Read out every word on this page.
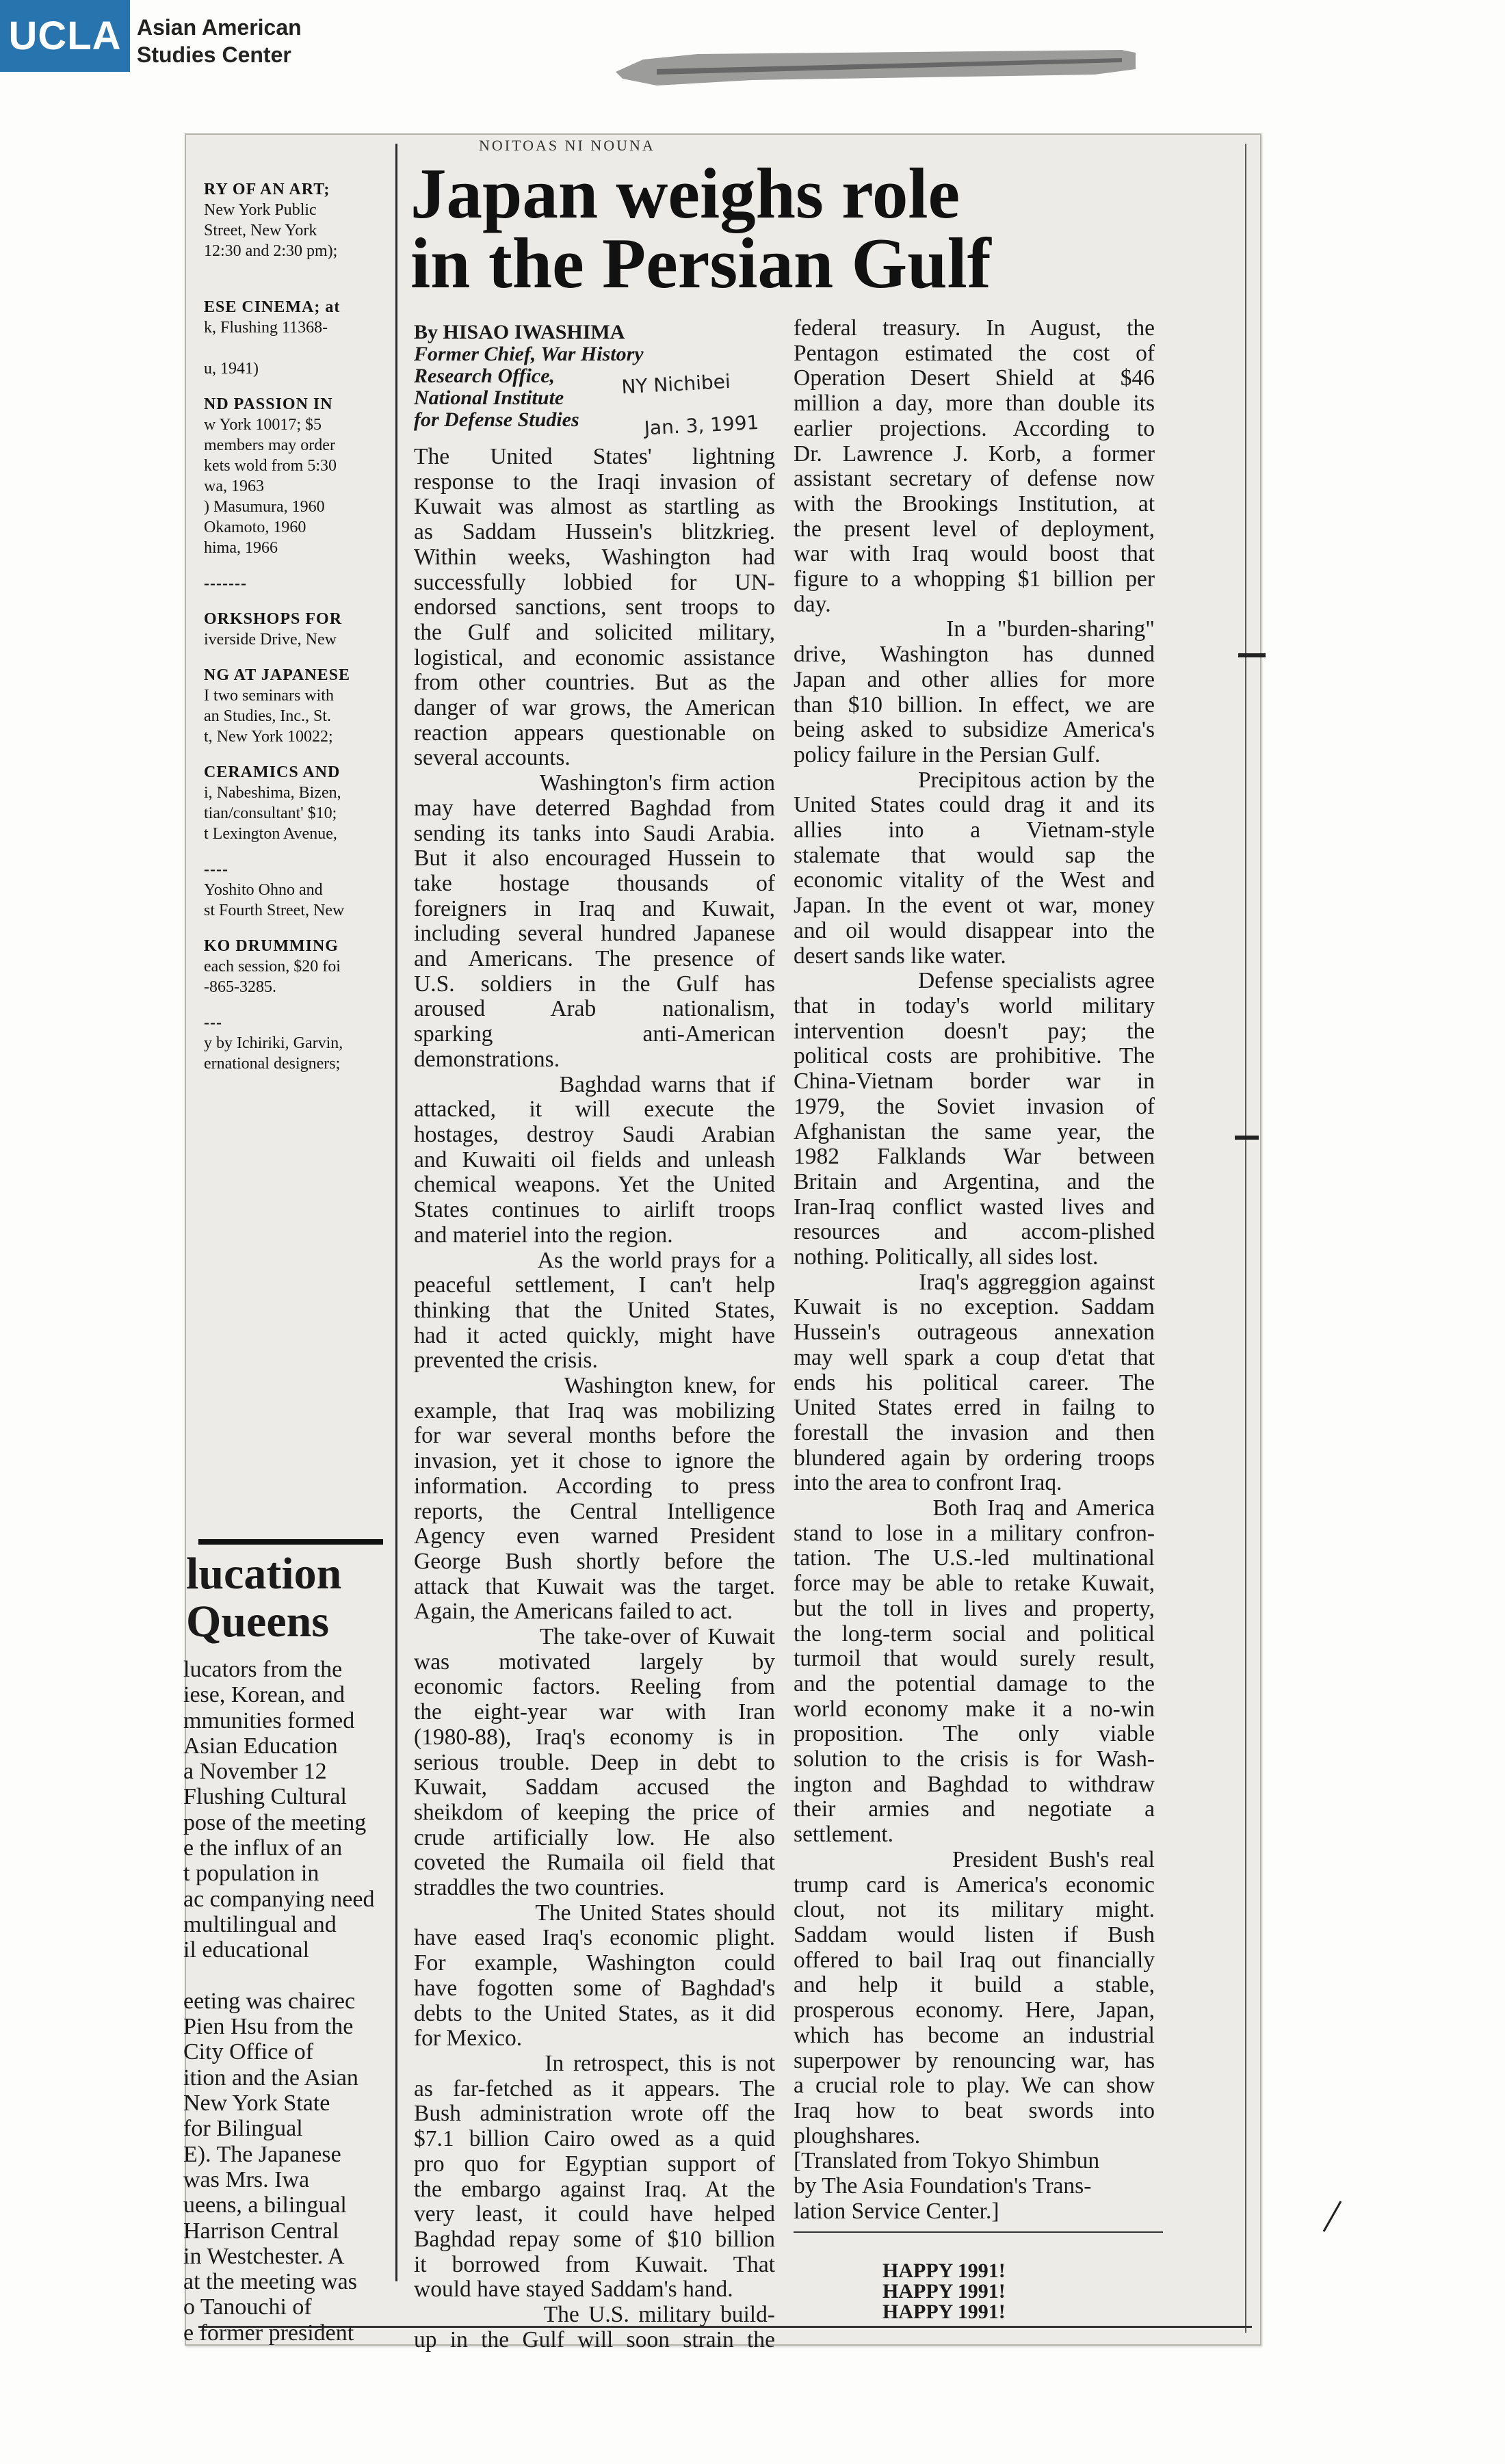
UCLA Asian American
Studies Center
NOITOAS NI NOUNA
RY OF AN ART;
New York Public
Street, New York
12:30 and 2:30 pm);

ESE CINEMA; at
k, Flushing 11368-

u, 1941)
ND PASSION IN
w York 10017; $5
members may order
kets wold from 5:30
wa, 1963
) Masumura, 1960
Okamoto, 1960
hima, 1966
-------
ORKSHOPS FOR
iverside Drive, New
NG AT JAPANESE
I two seminars with
an Studies, Inc., St.
t, New York 10022;
CERAMICS AND
i, Nabeshima, Bizen,
tian/consultant' $10;
t Lexington Avenue,
----
Yoshito Ohno and
st Fourth Street, New
KO DRUMMING
each session, $20 foi
-865-3285.
---
y by Ichiriki, Garvin,
ernational designers;
lucation
Queens
lucators from the
iese, Korean, and
mmunities formed
Asian Education
a November 12
Flushing Cultural
pose of the meeting
e the influx of an
t population in
ac companying need
multilingual and
il educational

eeting was chairec
Pien Hsu from the
City Office of
ition and the Asian
New York State
for Bilingual
E). The Japanese
was Mrs. Iwa
ueens, a bilingual
Harrison Central
in Westchester. A
at the meeting was
o Tanouchi of
e former president
Japan weighs role
in the Persian Gulf
By HISAO IWASHIMA
Former Chief, War History
Research Office,
National Institute
for Defense Studies
NY Nichibei
Jan. 3, 1991
The United States' lightning
response to the Iraqi invasion of
Kuwait was almost as startling as
as Saddam Hussein's blitzkrieg.
Within weeks, Washington had
successfully lobbied for UN-
endorsed sanctions, sent troops to
the Gulf and solicited military,
logistical, and economic assistance
from other countries. But as the
danger of war grows, the American
reaction appears questionable on
several accounts.
Washington's firm action
may have deterred Baghdad from
sending its tanks into Saudi Arabia.
But it also encouraged Hussein to
take hostage thousands of
foreigners in Iraq and Kuwait,
including several hundred Japanese
and Americans. The presence of
U.S. soldiers in the Gulf has
aroused Arab nationalism,
sparking anti-American
demonstrations.
Baghdad warns that if
attacked, it will execute the
hostages, destroy Saudi Arabian
and Kuwaiti oil fields and unleash
chemical weapons. Yet the United
States continues to airlift troops
and materiel into the region.
As the world prays for a
peaceful settlement, I can't help
thinking that the United States,
had it acted quickly, might have
prevented the crisis.
Washington knew, for
example, that Iraq was mobilizing
for war several months before the
invasion, yet it chose to ignore the
information. According to press
reports, the Central Intelligence
Agency even warned President
George Bush shortly before the
attack that Kuwait was the target.
Again, the Americans failed to act.
The take-over of Kuwait
was motivated largely by
economic factors. Reeling from
the eight-year war with Iran
(1980-88), Iraq's economy is in
serious trouble. Deep in debt to
Kuwait, Saddam accused the
sheikdom of keeping the price of
crude artificially low. He also
coveted the Rumaila oil field that
straddles the two countries.
The United States should
have eased Iraq's economic plight.
For example, Washington could
have fogotten some of Baghdad's
debts to the United States, as it did
for Mexico.
In retrospect, this is not
as far-fetched as it appears. The
Bush administration wrote off the
$7.1 billion Cairo owed as a quid
pro quo for Egyptian support of
the embargo against Iraq. At the
very least, it could have helped
Baghdad repay some of $10 billion
it borrowed from Kuwait. That
would have stayed Saddam's hand.
The U.S. military build-
up in the Gulf will soon strain the
federal treasury. In August, the
Pentagon estimated the cost of
Operation Desert Shield at $46
million a day, more than double its
earlier projections. According to
Dr. Lawrence J. Korb, a former
assistant secretary of defense now
with the Brookings Institution, at
the present level of deployment,
war with Iraq would boost that
figure to a whopping $1 billion per
day.
In a "burden-sharing"
drive, Washington has dunned
Japan and other allies for more
than $10 billion. In effect, we are
being asked to subsidize America's
policy failure in the Persian Gulf.
Precipitous action by the
United States could drag it and its
allies into a Vietnam-style
stalemate that would sap the
economic vitality of the West and
Japan. In the event ot war, money
and oil would disappear into the
desert sands like water.
Defense specialists agree
that in today's world military
intervention doesn't pay; the
political costs are prohibitive. The
China-Vietnam border war in
1979, the Soviet invasion of
Afghanistan the same year, the
1982 Falklands War between
Britain and Argentina, and the
Iran-Iraq conflict wasted lives and
resources and accom-plished
nothing. Politically, all sides lost.
Iraq's aggreggion against
Kuwait is no exception. Saddam
Hussein's outrageous annexation
may well spark a coup d'etat that
ends his political career. The
United States erred in failng to
forestall the invasion and then
blundered again by ordering troops
into the area to confront Iraq.
Both Iraq and America
stand to lose in a military confron-
tation. The U.S.-led multinational
force may be able to retake Kuwait,
but the toll in lives and property,
the long-term social and political
turmoil that would surely result,
and the potential damage to the
world economy make it a no-win
proposition. The only viable
solution to the crisis is for Wash-
ington and Baghdad to withdraw
their armies and negotiate a
settlement.
President Bush's real
trump card is America's economic
clout, not its military might.
Saddam would listen if Bush
offered to bail Iraq out financially
and help it build a stable,
prosperous economy. Here, Japan,
which has become an industrial
superpower by renouncing war, has
a crucial role to play. We can show
Iraq how to beat swords into
ploughshares.
[Translated from Tokyo Shimbun
by The Asia Foundation's Trans-
lation Service Center.]
HAPPY 1991!
HAPPY 1991!
HAPPY 1991!
